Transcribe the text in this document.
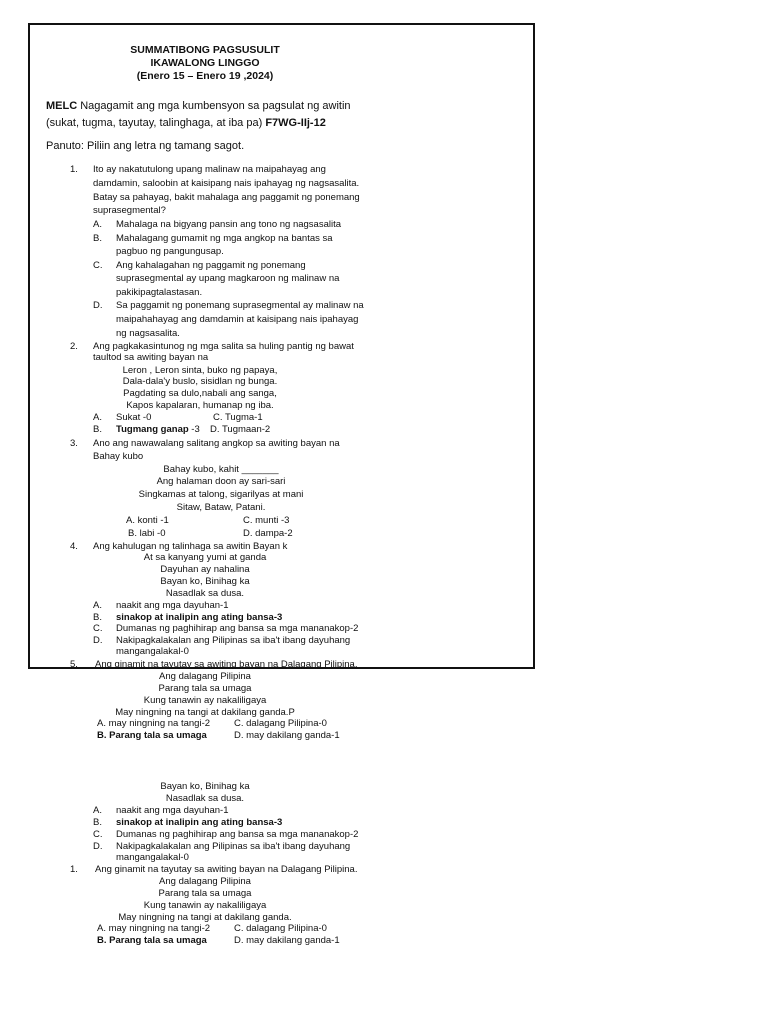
SUMMATIBONG PAGSUSULIT
IKAWALONG LINGGO
(Enero 15 – Enero 19 ,2024)
MELC Nagagamit ang mga kumbensyon sa pagsulat ng awitin
(sukat, tugma, tayutay, talinghaga, at iba pa) F7WG-IIj-12
Panuto: Piliin ang letra ng tamang sagot.
1. Ito ay nakatutulong upang malinaw na maipahayag ang
damdamin, saloobin at kaisipang nais ipahayag ng nagsasalita.
Batay sa pahayag, bakit mahalaga ang paggamit ng ponemang
suprasegmental?
A. Mahalaga na bigyang pansin ang tono ng nagsasalita
B. Mahalagang gumamit ng mga angkop na bantas sa
pagbuo ng pangungusap.
C. Ang kahalagahan ng paggamit ng ponemang
suprasegmental ay upang magkaroon ng malinaw na
pakikipagtalastasan.
D. Sa paggamit ng ponemang suprasegmental ay malinaw na
maipahahayag ang damdamin at kaisipang nais ipahayag
ng nagsasalita.
2. Ang pagkakasintunog ng mga salita sa huling pantig ng bawat
taultod sa awiting bayan na
Leron , Leron sinta, buko ng papaya,
Dala-dala'y buslo, sisidlan ng bunga.
Pagdating sa dulo,nabali ang sanga,
Kapos kapalaran, humanap ng iba.
A. Sukat -0	C. Tugma-1
B. Tugmang ganap -3 D. Tugmaan-2
3. Ano ang nawawalang salitang angkop sa awiting bayan na
Bahay kubo
Bahay kubo, kahit _______
Ang halaman doon ay sari-sari
Singkamas at talong, sigarilyas at mani
Sitaw, Bataw, Patani.
A. konti -1	C. munti -3
B. labi -0	D. dampa-2
4. Ang kahulugan ng talinhaga sa awitin Bayan k
At sa kanyang yumi at ganda
Dayuhan ay nahalina
Bayan ko, Binihag ka
Nasadlak sa dusa.
A. naakit ang mga dayuhan-1
B. sinakop at inalipin ang ating bansa-3
C. Dumanas ng paghihirap ang bansa sa mga mananakop-2
D. Nakipagkalakalan ang Pilipinas sa iba't ibang dayuhang
mangangalakal-0
5. Ang ginamit na tayutay sa awiting bayan na Dalagang Pilipina.
Ang dalagang Pilipina
Parang tala sa umaga
Kung tanawin ay nakaliligaya
May ningning na tangi at dakilang ganda.P
A. may ningning na tangi-2	C. dalagang Pilipina-0
B. Parang tala sa umaga	D. may dakilang ganda-1
Bayan ko, Binihag ka
Nasadlak sa dusa.
A. naakit ang mga dayuhan-1
B. sinakop at inalipin ang ating bansa-3
C. Dumanas ng paghihirap ang bansa sa mga mananakop-2
D. Nakipagkalakalan ang Pilipinas sa iba't ibang dayuhang
mangangalakal-0
1. Ang ginamit na tayutay sa awiting bayan na Dalagang Pilipina.
Ang dalagang Pilipina
Parang tala sa umaga
Kung tanawin ay nakaliligaya
May ningning na tangi at dakilang ganda.
A. may ningning na tangi-2	C. dalagang Pilipina-0
B. Parang tala sa umaga	D. may dakilang ganda-1
